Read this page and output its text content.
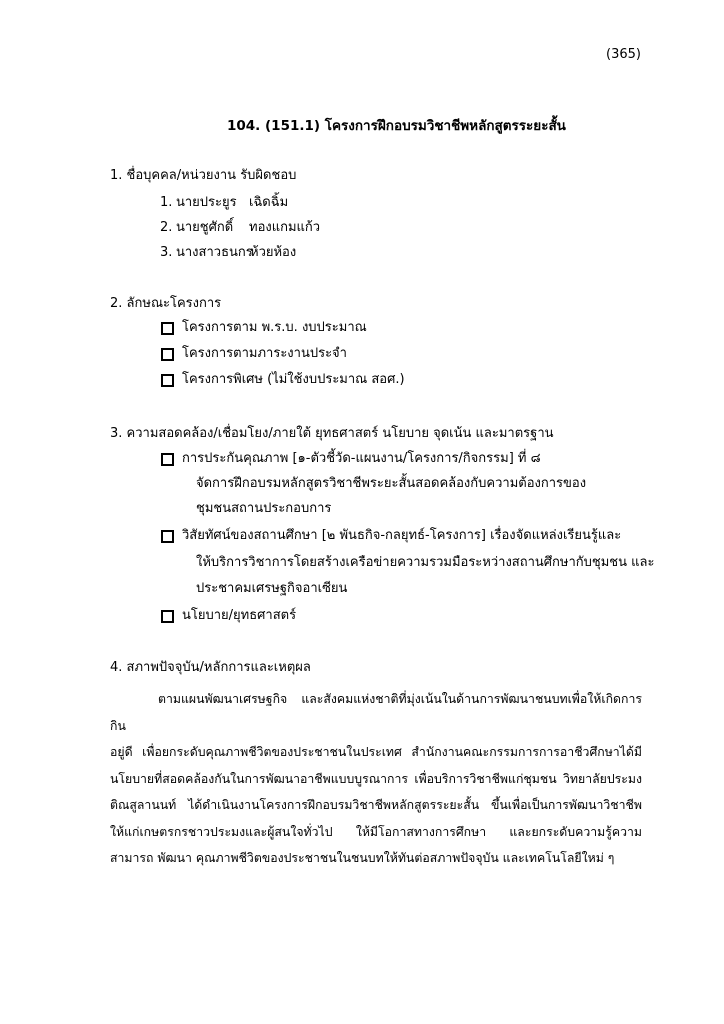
(365)
104. (151.1) โครงการฝึกอบรมวิชาชีพหลักสูตรระยะสั้น
1. ชื่อบุคคล/หน่วยงาน รับผิดชอบ
1. นายประยูร เฉิดฉิ้ม
2. นายชูศักดิ์ ทองแกมแก้ว
3. นางสาวธนกร
ห้วยห้อง
2. ลักษณะโครงการ
โครงการตาม พ.ร.บ. งบประมาณ
โครงการตามภาระงานประจำ
โครงการพิเศษ (ไม่ใช้งบประมาณ สอศ.)
3. ความสอดคล้อง/เชื่อมโยง/ภายใต้ ยุทธศาสตร์ นโยบาย จุดเน้น และมาตรฐาน
การประกันคุณภาพ [๑-ตัวชี้วัด-แผนงาน/โครงการ/กิจกรรม] ที่ ๘
จัดการฝึกอบรมหลักสูตรวิชาชีพระยะสั้นสอดคล้องกับความต้องการของ
ชุมชนสถานประกอบการ
วิสัยทัศน์ของสถานศึกษา [๒ พันธกิจ-กลยุทธ์-โครงการ] เรื่องจัดแหล่งเรียนรู้และ
ให้บริการวิชาการโดยสร้างเครือข่ายความรวมมือระหว่างสถานศึกษากับชุมชน และ
ประชาคมเศรษฐกิจอาเซียน
นโยบาย/ยุทธศาสตร์
4. สภาพปัจจุบัน/หลักการและเหตุผล
ตามแผนพัฒนาเศรษฐกิจ และสังคมแห่งชาติที่มุ่งเน้นในด้านการพัฒนาชนบทเพื่อให้เกิดการกิน
อยู่ดี เพื่อยกระดับคุณภาพชีวิตของประชาชนในประเทศ สำนักงานคณะกรรมการการอาชีวศึกษาได้มี นโยบายที่สอดคล้องกันในการพัฒนาอาชีพแบบบูรณาการ เพื่อบริการวิชาชีพแก่ชุมชน วิทยาลัยประมง ติณสูลานนท์ ได้ดำเนินงานโครงการฝึกอบรมวิชาชีพหลักสูตรระยะสั้น ขึ้นเพื่อเป็นการพัฒนาวิชาชีพ ให้แก่เกษตรกรชาวประมงและผู้สนใจทั่วไป ให้มีโอกาสทางการศึกษา และยกระดับความรู้ความสามารถ พัฒนา คุณภาพชีวิตของประชาชนในชนบทให้ทันต่อสภาพปัจจุบัน และเทคโนโลยีใหม่ ๆ
